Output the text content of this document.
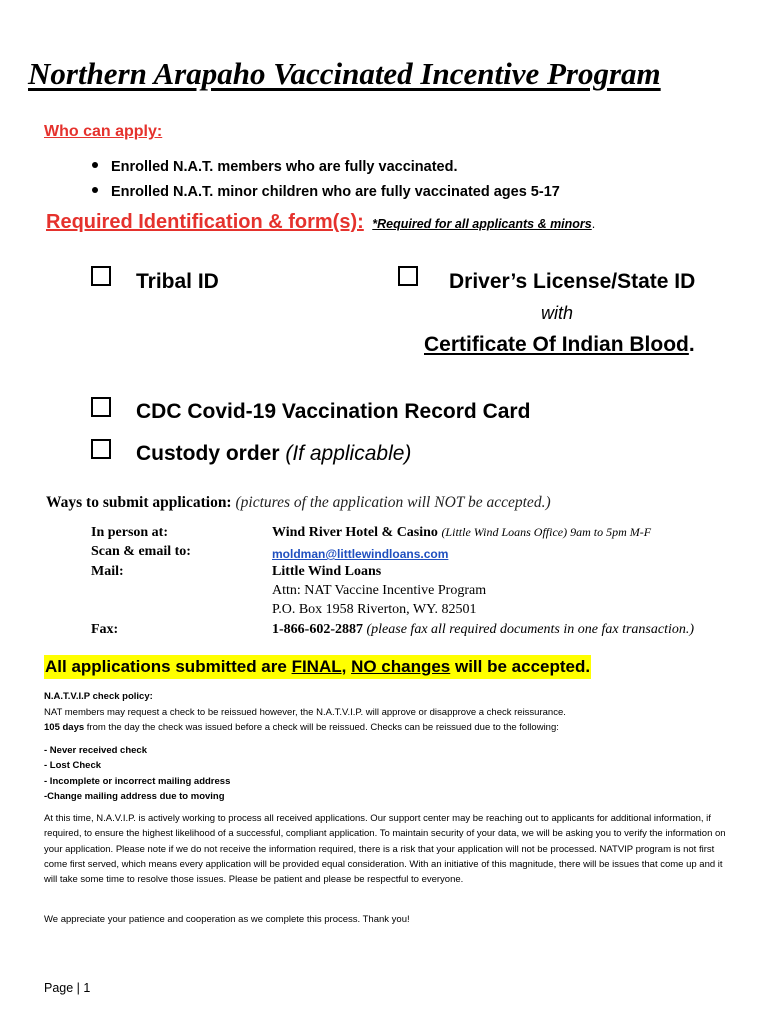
Northern Arapaho Vaccinated Incentive Program
Who can apply:
Enrolled N.A.T. members who are fully vaccinated.
Enrolled N.A.T. minor children who are fully vaccinated ages 5-17
Required Identification & form(s): *Required for all applicants & minors.
Tribal ID	Driver’s License/State ID
with
Certificate Of Indian Blood.
CDC Covid-19 Vaccination Record Card
Custody order (If applicable)
Ways to submit application: (pictures of the application will NOT be accepted.)
In person at:	Wind River Hotel & Casino (Little Wind Loans Office) 9am to 5pm M-F
Scan & email to:	moldman@littlewindloans.com
Mail:	Little Wind Loans
Attn: NAT Vaccine Incentive Program
P.O. Box 1958 Riverton, WY. 82501
Fax:	1-866-602-2887 (please fax all required documents in one fax transaction.)
All applications submitted are FINAL, NO changes will be accepted.
N.A.T.V.I.P check policy:
NAT members may request a check to be reissued however, the N.A.T.V.I.P. will approve or disapprove a check reissurance.
105 days from the day the check was issued before a check will be reissued. Checks can be reissued due to the following:
- Never received check
- Lost Check
- Incomplete or incorrect mailing address
-Change mailing address due to moving
At this time, N.A.V.I.P. is actively working to process all received applications. Our support center may be reaching out to applicants for additional information, if required, to ensure the highest likelihood of a successful, compliant application. To maintain security of your data, we will be asking you to verify the information on your application. Please note if we do not receive the information required, there is a risk that your application will not be processed. NATVIP program is not first come first served, which means every application will be provided equal consideration. With an initiative of this magnitude, there will be issues that come up and it will take some time to resolve those issues. Please be patient and please be respectful to everyone.
We appreciate your patience and cooperation as we complete this process. Thank you!
Page | 1
